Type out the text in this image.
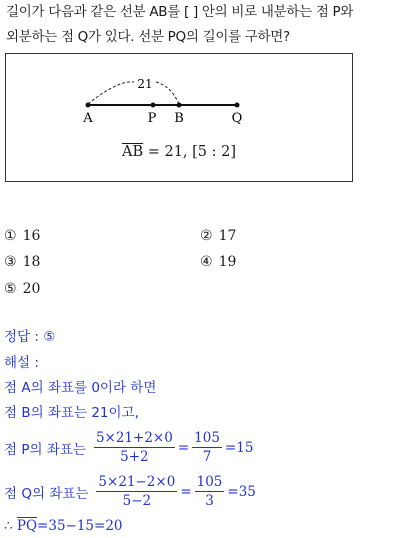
길이가 다음과 같은 선분 AB를 [ ] 안의 비로 내분하는 점 P와
외분하는 점 Q가 있다. 선분 PQ의 길이를 구하면?
21
A	P B	Q
$\overline{AB} = 21$, [5 : 2]
① 16	② 17
③ 18	④ 19
⑤ 20
정답 : ⑤
해설 :
점 A의 좌표를 0이라 하면
점 B의 좌표는 21이고,
점 P의 좌표는 $\frac{5\times 21+2\times 0}{5+2} = \frac{105}{7} =15$
점 Q의 좌표는 $\frac{5\times 21-2\times 0}{5-2} = \frac{105}{3} =35$
∴ $\overline{PQ}=35-15=20$
